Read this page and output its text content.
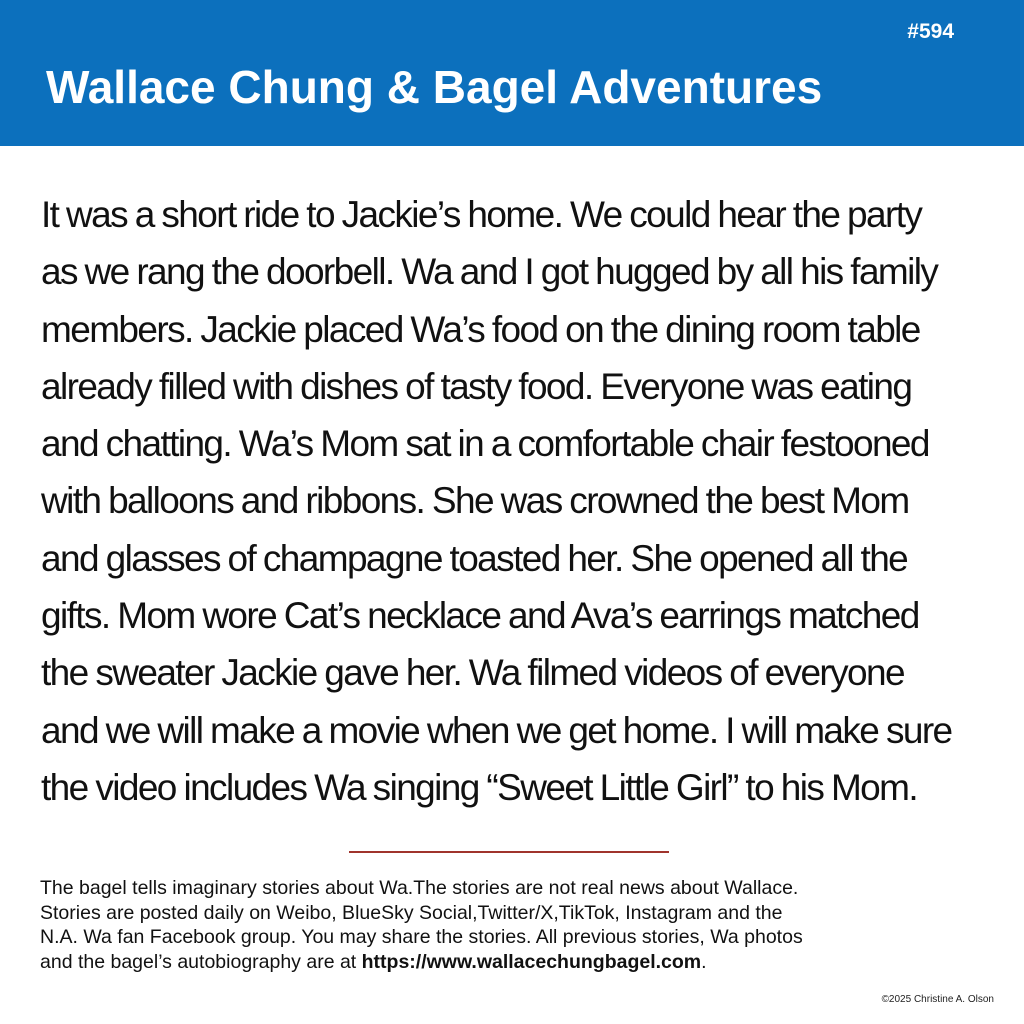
#594
Wallace Chung & Bagel Adventures
It was a short ride to Jackie’s home. We could hear the party
as we rang the doorbell. Wa and I got hugged by all his family
members. Jackie placed Wa’s food on the dining room table
already filled with dishes of tasty food. Everyone was eating
and chatting. Wa’s Mom sat in a comfortable chair festooned
with balloons and ribbons. She was crowned the best Mom
and glasses of champagne toasted her. She opened all the
gifts. Mom wore Cat’s necklace and Ava’s earrings matched
the sweater Jackie gave her. Wa filmed videos of everyone
and we will make a movie when we get home. I will make sure
the video includes Wa singing “Sweet Little Girl” to his Mom.
The bagel tells imaginary stories about Wa.The stories are not real news about Wallace.
Stories are posted daily on Weibo, BlueSky Social,Twitter/X,TikTok, Instagram and the
N.A. Wa fan Facebook group. You may share the stories. All previous stories, Wa photos
and the bagel’s autobiography are at https://www.wallacechungbagel.com.
©2025 Christine A. Olson
